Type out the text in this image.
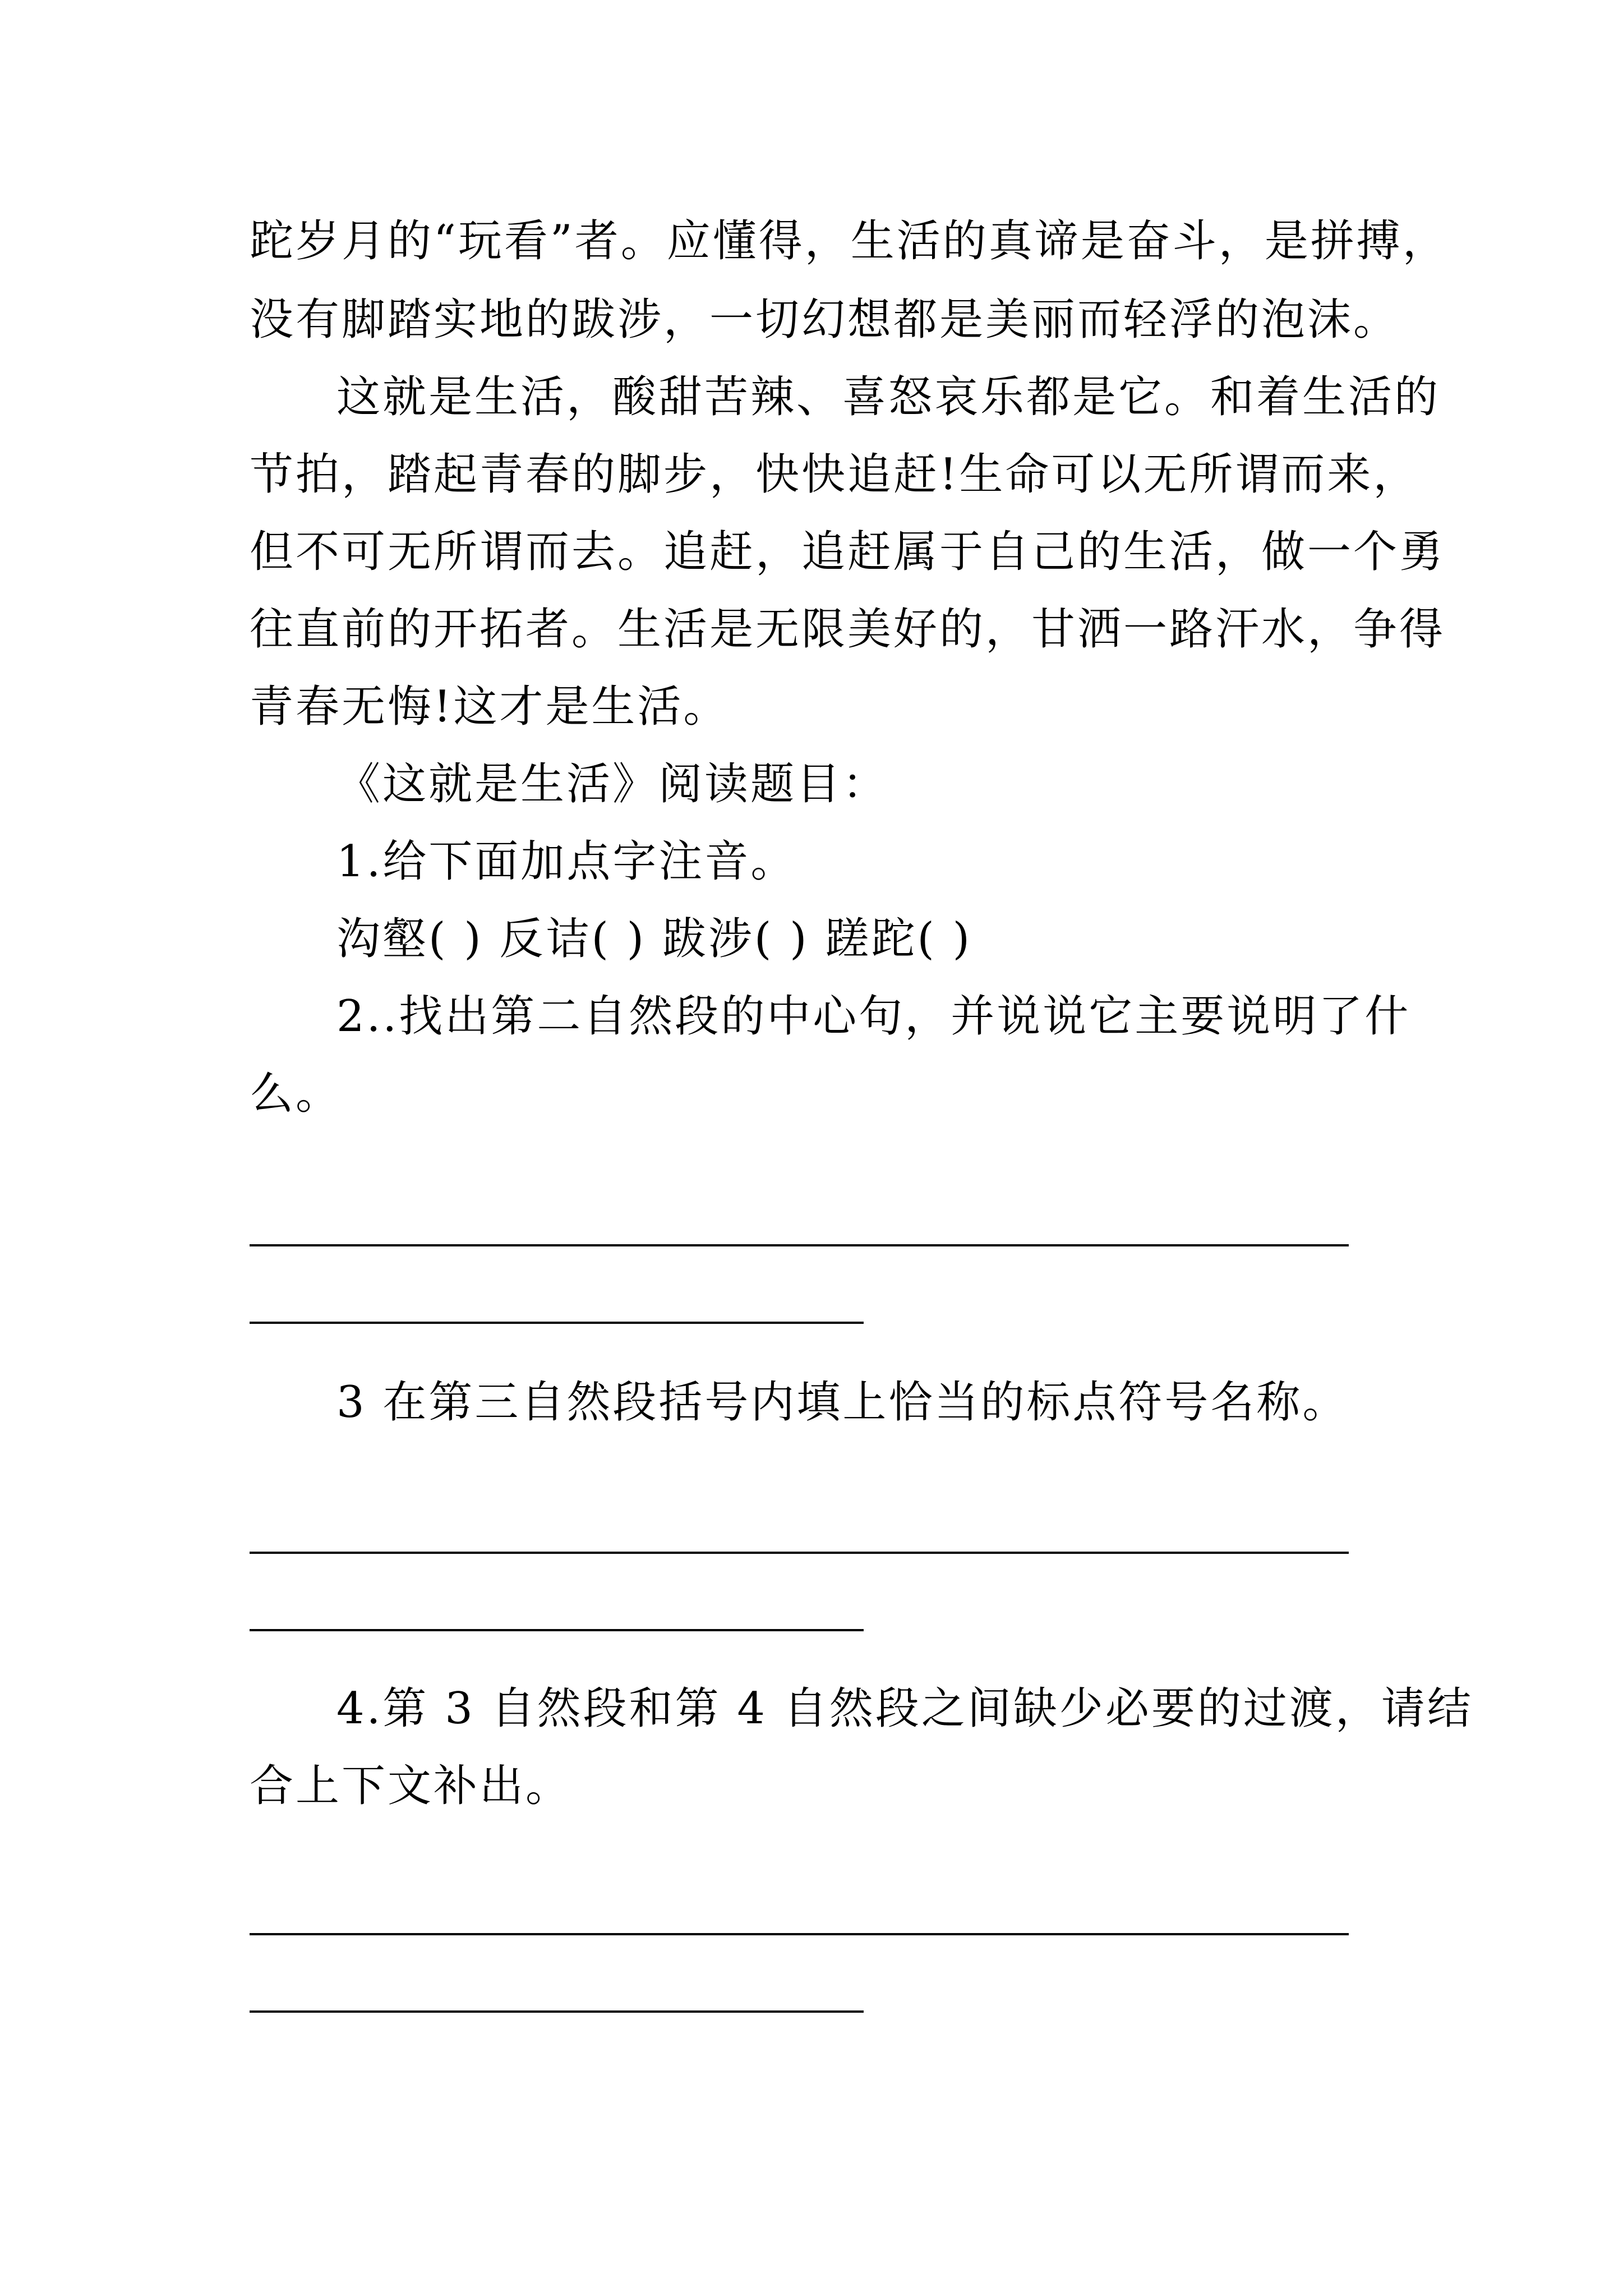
跎岁月的“玩看”者。应懂得，生活的真谛是奋斗，是拼搏，
没有脚踏实地的跋涉，一切幻想都是美丽而轻浮的泡沫。
这就是生活，酸甜苦辣、喜怒哀乐都是它。和着生活的
节拍，踏起青春的脚步，快快追赶!生命可以无所谓而来，
但不可无所谓而去。追赶，追赶属于自己的生活，做一个勇
往直前的开拓者。生活是无限美好的，甘洒一路汗水，争得
青春无悔!这才是生活。
《这就是生活》阅读题目：
1.给下面加点字注音。
沟壑( ) 反诘( ) 跋涉( ) 蹉跎( )
2..找出第二自然段的中心句，并说说它主要说明了什
么。
3 在第三自然段括号内填上恰当的标点符号名称。
4.第 3 自然段和第 4 自然段之间缺少必要的过渡，请结
合上下文补出。
